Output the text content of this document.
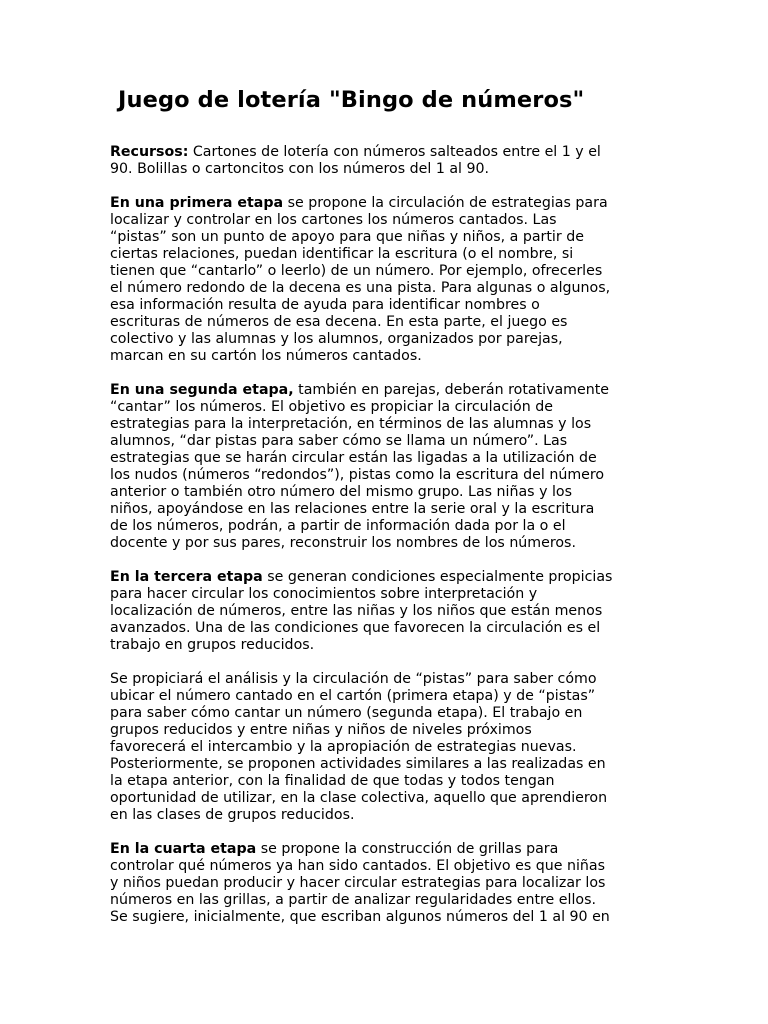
Juego de lotería "Bingo de números"

Recursos: Cartones de lotería con números salteados entre el 1 y el
90. Bolillas o cartoncitos con los números del 1 al 90.

En una primera etapa se propone la circulación de estrategias para
localizar y controlar en los cartones los números cantados. Las
“pistas” son un punto de apoyo para que niñas y niños, a partir de
ciertas relaciones, puedan identificar la escritura (o el nombre, si
tienen que “cantarlo” o leerlo) de un número. Por ejemplo, ofrecerles
el número redondo de la decena es una pista. Para algunas o algunos,
esa información resulta de ayuda para identificar nombres o
escrituras de números de esa decena. En esta parte, el juego es
colectivo y las alumnas y los alumnos, organizados por parejas,
marcan en su cartón los números cantados.

En una segunda etapa, también en parejas, deberán rotativamente
“cantar” los números. El objetivo es propiciar la circulación de
estrategias para la interpretación, en términos de las alumnas y los
alumnos, “dar pistas para saber cómo se llama un número”. Las
estrategias que se harán circular están las ligadas a la utilización de
los nudos (números “redondos”), pistas como la escritura del número
anterior o también otro número del mismo grupo. Las niñas y los
niños, apoyándose en las relaciones entre la serie oral y la escritura
de los números, podrán, a partir de información dada por la o el
docente y por sus pares, reconstruir los nombres de los números.

En la tercera etapa se generan condiciones especialmente propicias
para hacer circular los conocimientos sobre interpretación y
localización de números, entre las niñas y los niños que están menos
avanzados. Una de las condiciones que favorecen la circulación es el
trabajo en grupos reducidos.

Se propiciará el análisis y la circulación de “pistas” para saber cómo
ubicar el número cantado en el cartón (primera etapa) y de “pistas”
para saber cómo cantar un número (segunda etapa). El trabajo en
grupos reducidos y entre niñas y niños de niveles próximos
favorecerá el intercambio y la apropiación de estrategias nuevas.
Posteriormente, se proponen actividades similares a las realizadas en
la etapa anterior, con la finalidad de que todas y todos tengan
oportunidad de utilizar, en la clase colectiva, aquello que aprendieron
en las clases de grupos reducidos.

En la cuarta etapa se propone la construcción de grillas para
controlar qué números ya han sido cantados. El objetivo es que niñas
y niños puedan producir y hacer circular estrategias para localizar los
números en las grillas, a partir de analizar regularidades entre ellos.
Se sugiere, inicialmente, que escriban algunos números del 1 al 90 en
